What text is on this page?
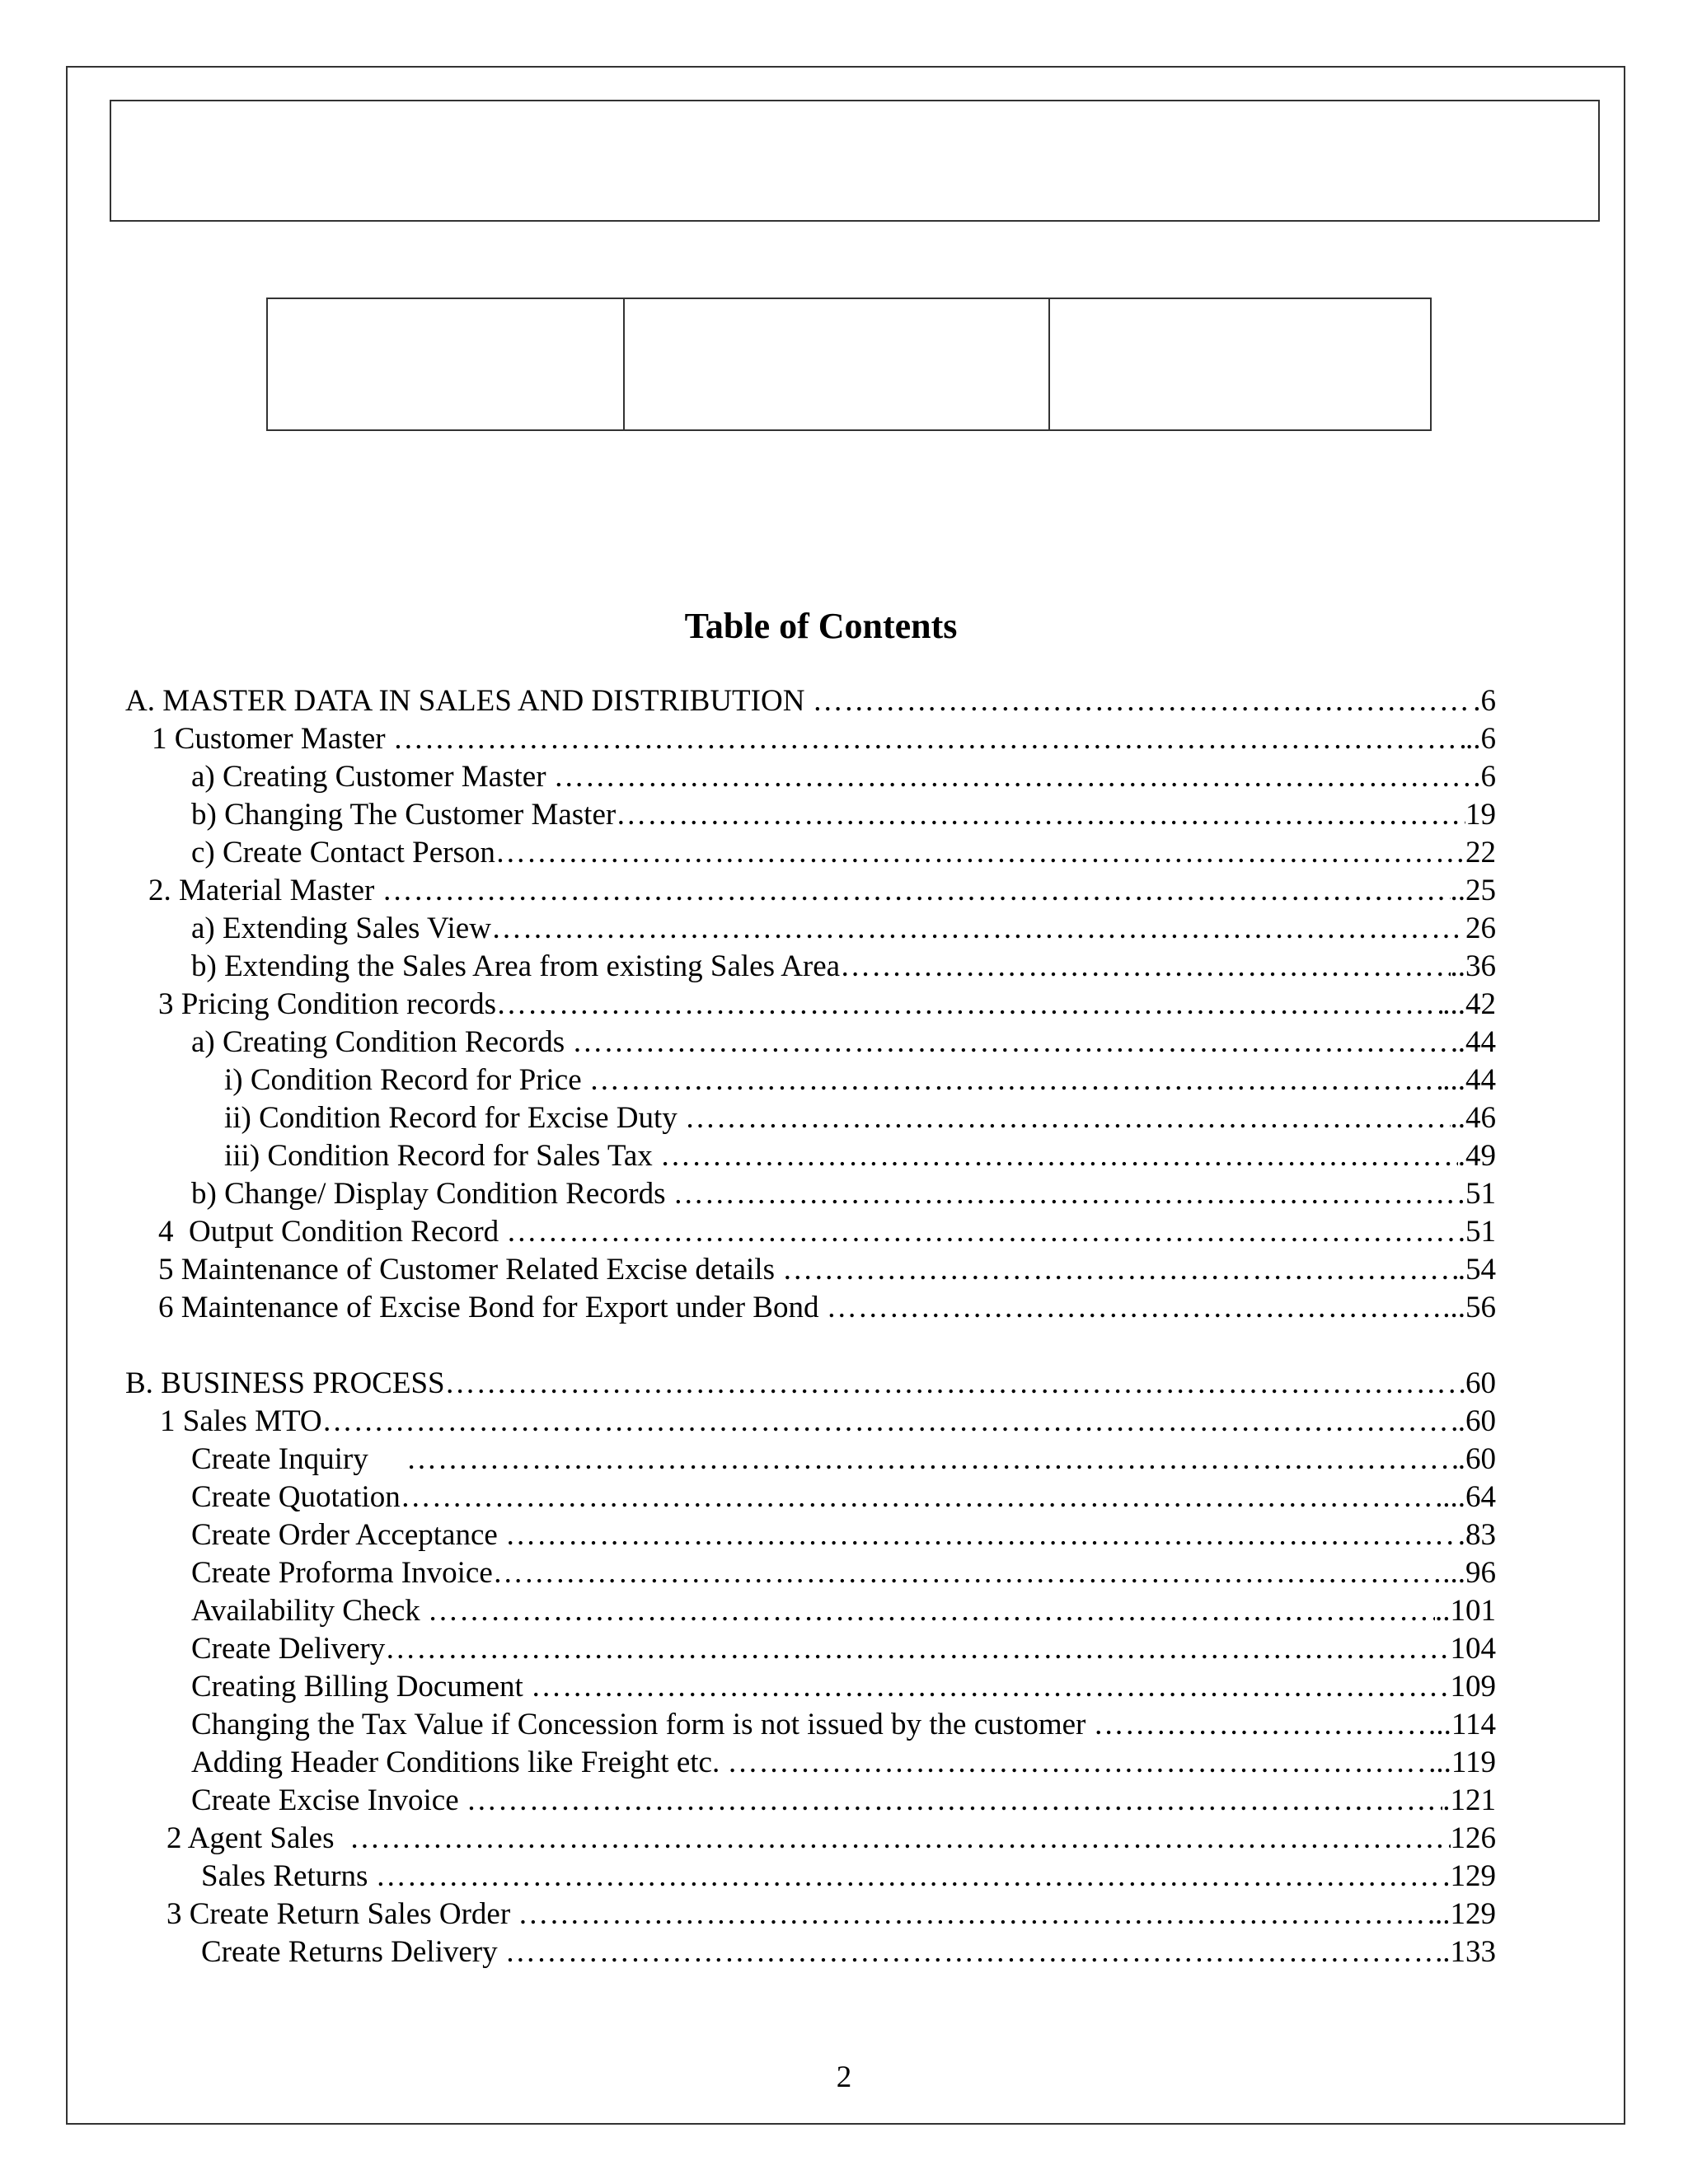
Table of Contents
A. MASTER DATA IN SALES AND DISTRIBUTION …………………………………………………………………………………………………………………………………………………………………………	.6
1 Customer Master …………………………………………………………………………………………………………………………………………………………………………	..6
a) Creating Customer Master …………………………………………………………………………………………………………………………………………………………………………	.6
b) Changing The Customer Master …………………………………………………………………………………………………………………………………………………………………………	19
c) Create Contact Person …………………………………………………………………………………………………………………………………………………………………………	22
2. Material Master …………………………………………………………………………………………………………………………………………………………………………	..25
a) Extending Sales View …………………………………………………………………………………………………………………………………………………………………………	26
b) Extending the Sales Area from existing Sales Area …………………………………………………………………………………………………………………………………………………………………………	..36
3 Pricing Condition records …………………………………………………………………………………………………………………………………………………………………………	...42
a) Creating Condition Records …………………………………………………………………………………………………………………………………………………………………………	.44
i) Condition Record for Price …………………………………………………………………………………………………………………………………………………………………………	...44
ii) Condition Record for Excise Duty …………………………………………………………………………………………………………………………………………………………………………	..46
iii) Condition Record for Sales Tax …………………………………………………………………………………………………………………………………………………………………………	.49
b) Change/ Display Condition Records …………………………………………………………………………………………………………………………………………………………………………	51
4  Output Condition Record …………………………………………………………………………………………………………………………………………………………………………	.51
5 Maintenance of Customer Related Excise details …………………………………………………………………………………………………………………………………………………………………………	.54
6 Maintenance of Excise Bond for Export under Bond …………………………………………………………………………………………………………………………………………………………………………	...56
B. BUSINESS PROCESS …………………………………………………………………………………………………………………………………………………………………………	60
1 Sales MTO …………………………………………………………………………………………………………………………………………………………………………	.60
Create Inquiry …………………………………………………………………………………………………………………………………………………………………………	.60
Create Quotation …………………………………………………………………………………………………………………………………………………………………………	...64
Create Order Acceptance …………………………………………………………………………………………………………………………………………………………………………	.83
Create Proforma Invoice …………………………………………………………………………………………………………………………………………………………………………	...96
Availability Check …………………………………………………………………………………………………………………………………………………………………………	..101
Create Delivery …………………………………………………………………………………………………………………………………………………………………………	104
Creating Billing Document …………………………………………………………………………………………………………………………………………………………………………	109
Changing the Tax Value if Concession form is not issued by the customer …………………………………………………………………………………………………………………………………………………………………………	..114
Adding Header Conditions like Freight etc. …………………………………………………………………………………………………………………………………………………………………………	...119
Create Excise Invoice …………………………………………………………………………………………………………………………………………………………………………	.121
2 Agent Sales …………………………………………………………………………………………………………………………………………………………………………	126
Sales Returns …………………………………………………………………………………………………………………………………………………………………………	.129
3 Create Return Sales Order …………………………………………………………………………………………………………………………………………………………………………	..129
Create Returns Delivery …………………………………………………………………………………………………………………………………………………………………………	.133
2
